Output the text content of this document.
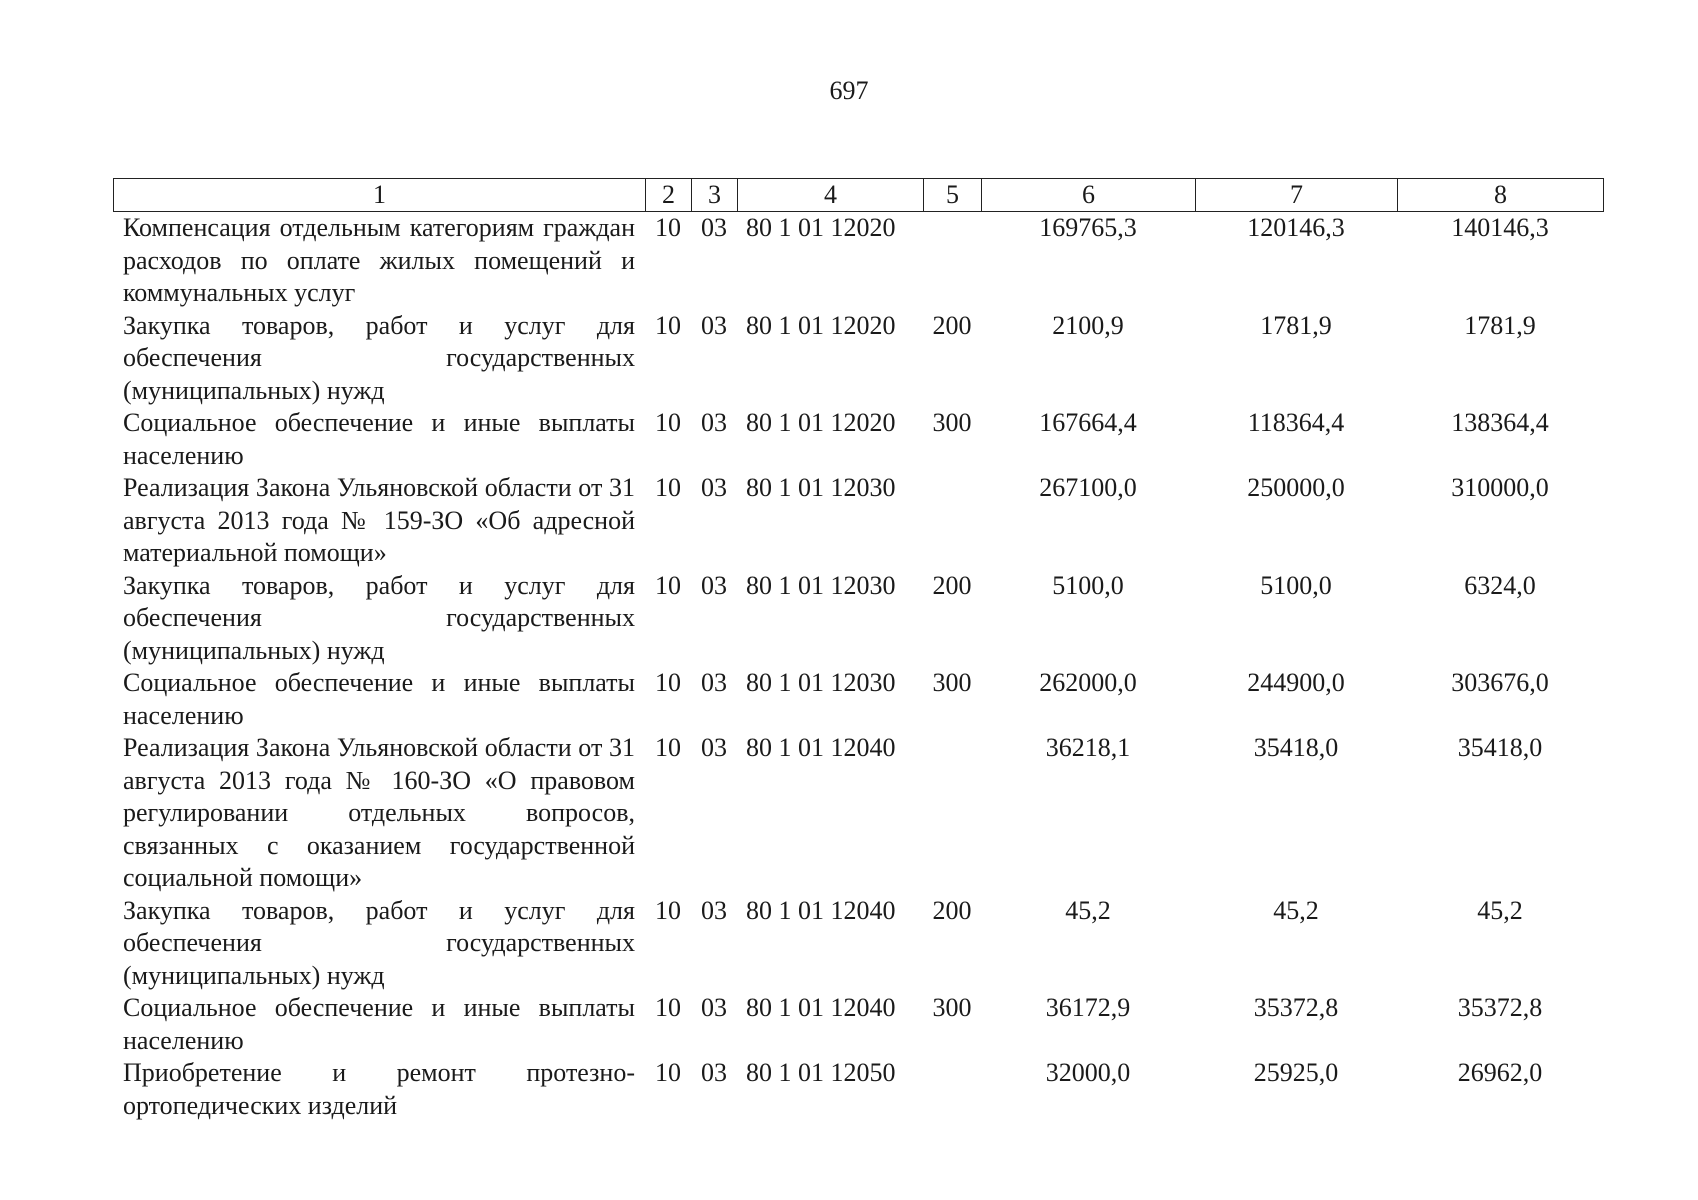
697
1	2	3	4	5	6	7	8
Компенсация отдельным категориям граждан расходов по оплате жилых помещений и коммунальных услуг	10	03	80 1 01 12020		169765,3	120146,3	140146,3
Закупка товаров, работ и услуг для обеспечения государственных (муниципальных) нужд	10	03	80 1 01 12020	200	2100,9	1781,9	1781,9
Социальное обеспечение и иные выплаты населению	10	03	80 1 01 12020	300	167664,4	118364,4	138364,4
Реализация Закона Ульяновской области от 31 августа 2013 года № 159-ЗО «Об адресной материальной помощи»	10	03	80 1 01 12030		267100,0	250000,0	310000,0
Закупка товаров, работ и услуг для обеспечения государственных (муниципальных) нужд	10	03	80 1 01 12030	200	5100,0	5100,0	6324,0
Социальное обеспечение и иные выплаты населению	10	03	80 1 01 12030	300	262000,0	244900,0	303676,0
Реализация Закона Ульяновской области от 31 августа 2013 года № 160-ЗО «О правовом регулировании отдельных вопросов, связанных с оказанием государственной социальной помощи»	10	03	80 1 01 12040		36218,1	35418,0	35418,0
Закупка товаров, работ и услуг для обеспечения государственных (муниципальных) нужд	10	03	80 1 01 12040	200	45,2	45,2	45,2
Социальное обеспечение и иные выплаты населению	10	03	80 1 01 12040	300	36172,9	35372,8	35372,8
Приобретение и ремонт протезно-ортопедических изделий	10	03	80 1 01 12050		32000,0	25925,0	26962,0
